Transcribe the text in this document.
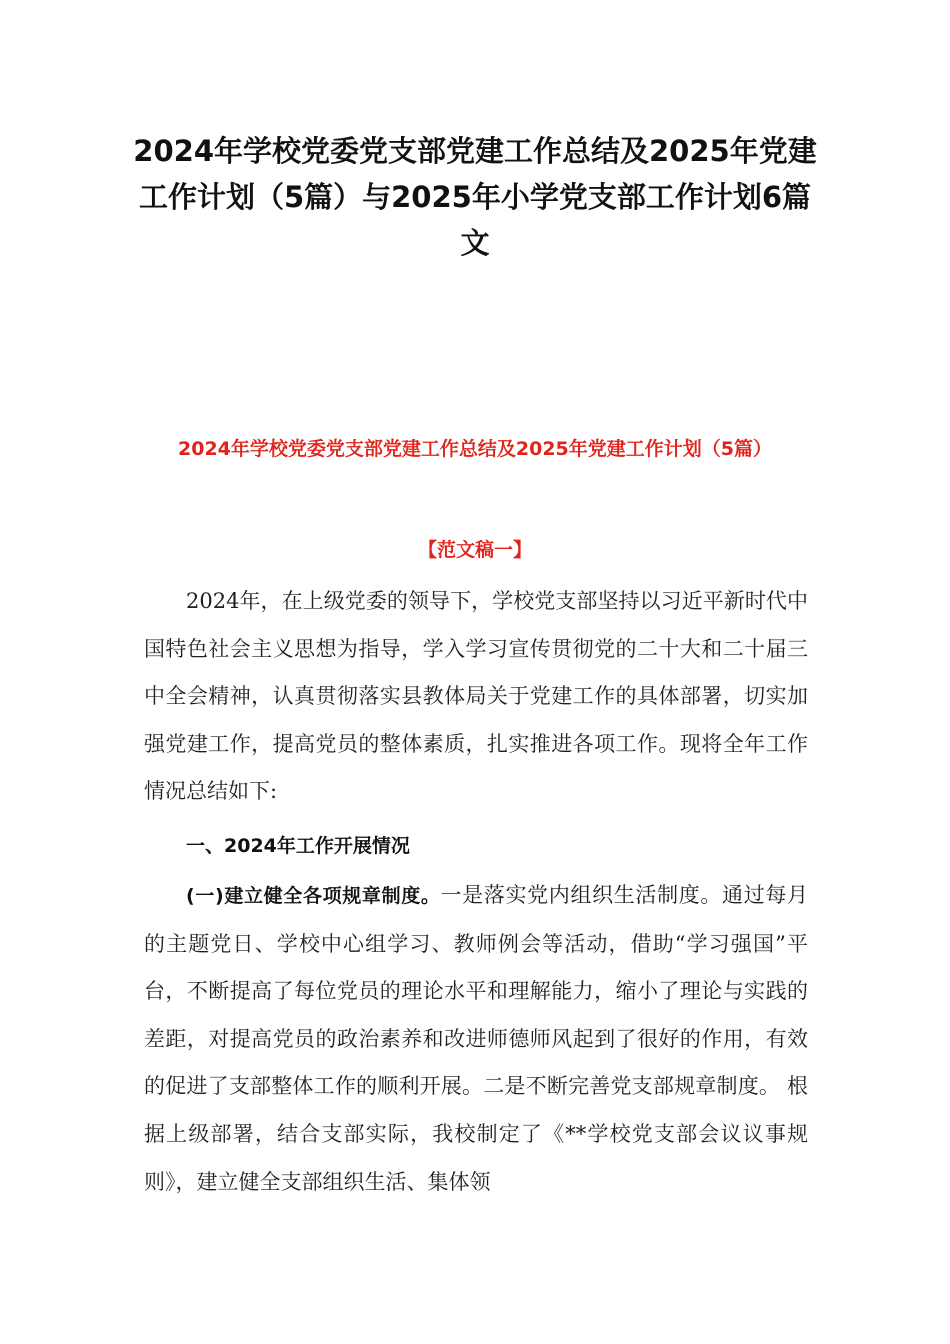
2024年学校党委党支部党建工作总结及2025年党建工作计划（5篇）与2025年小学党支部工作计划6篇文
2024年学校党委党支部党建工作总结及2025年党建工作计划（5篇）
【范文稿一】

2024年，在上级党委的领导下，学校党支部坚持以习近平新时代中国特色社会主义思想为指导，学入学习宣传贯彻党的二十大和二十届三中全会精神，认真贯彻落实县教体局关于党建工作的具体部署，切实加强党建工作，提高党员的整体素质，扎实推进各项工作。现将全年工作情况总结如下:

一、2024年工作开展情况

(一)建立健全各项规章制度。一是落实党内组织生活制度。通过每月的主题党日、学校中心组学习、教师例会等活动，借助“学习强国”平台，不断提高了每位党员的理论水平和理解能力，缩小了理论与实践的差距，对提高党员的政治素养和改进师德师风起到了很好的作用，有效的促进了支部整体工作的顺利开展。二是不断完善党支部规章制度。 根据上级部署，结合支部实际，我校制定了《**学校党支部会议议事规则》，建立健全支部组织生活、集体领
